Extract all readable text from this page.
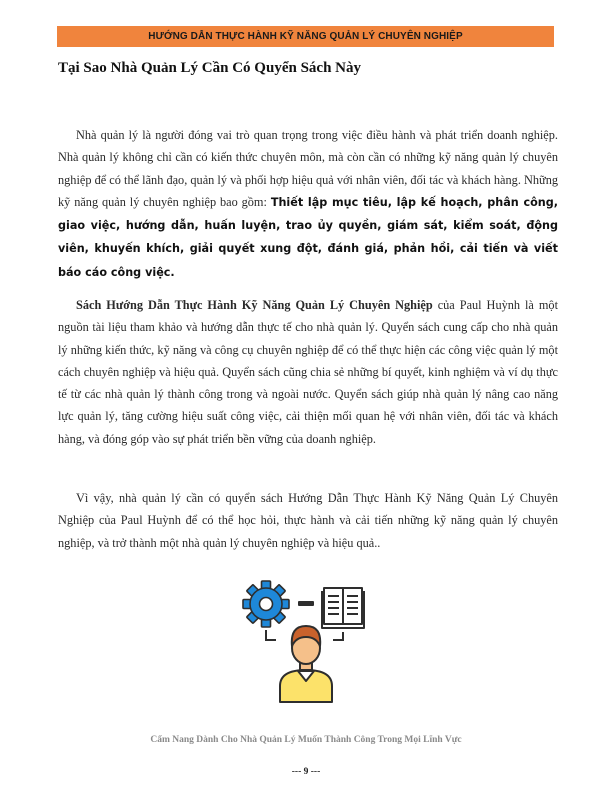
HƯỚNG DẪN THỰC HÀNH KỸ NĂNG QUẢN LÝ CHUYÊN NGHIỆP
Tại Sao Nhà Quản Lý Cần Có Quyển Sách Này

Nhà quản lý là người đóng vai trò quan trọng trong việc điều hành và phát triển doanh nghiệp. Nhà quản lý không chỉ cần có kiến thức chuyên môn, mà còn cần có những kỹ năng quản lý chuyên nghiệp để có thể lãnh đạo, quản lý và phối hợp hiệu quả với nhân viên, đối tác và khách hàng. Những kỹ năng quản lý chuyên nghiệp bao gồm: Thiết lập mục tiêu, lập kế hoạch, phân công, giao việc, hướng dẫn, huấn luyện, trao ủy quyền, giám sát, kiểm soát, động viên, khuyến khích, giải quyết xung đột, đánh giá, phản hồi, cải tiến và viết báo cáo công việc.

Sách Hướng Dẫn Thực Hành Kỹ Năng Quản Lý Chuyên Nghiệp của Paul Huỳnh là một nguồn tài liệu tham khảo và hướng dẫn thực tế cho nhà quản lý. Quyển sách cung cấp cho nhà quản lý những kiến thức, kỹ năng và công cụ chuyên nghiệp để có thể thực hiện các công việc quản lý một cách chuyên nghiệp và hiệu quả. Quyển sách cũng chia sẻ những bí quyết, kinh nghiệm và ví dụ thực tế từ các nhà quản lý thành công trong và ngoài nước. Quyển sách giúp nhà quản lý nâng cao năng lực quản lý, tăng cường hiệu suất công việc, cải thiện mối quan hệ với nhân viên, đối tác và khách hàng, và đóng góp vào sự phát triển bền vững của doanh nghiệp.

Vì vậy, nhà quản lý cần có quyển sách Hướng Dẫn Thực Hành Kỹ Năng Quản Lý Chuyên Nghiệp của Paul Huỳnh để có thể học hỏi, thực hành và cải tiến những kỹ năng quản lý chuyên nghiệp, và trở thành một nhà quản lý chuyên nghiệp và hiệu quả..

Cẩm Nang Dành Cho Nhà Quản Lý Muốn Thành Công Trong Mọi Lĩnh Vực
--- 9 ---
